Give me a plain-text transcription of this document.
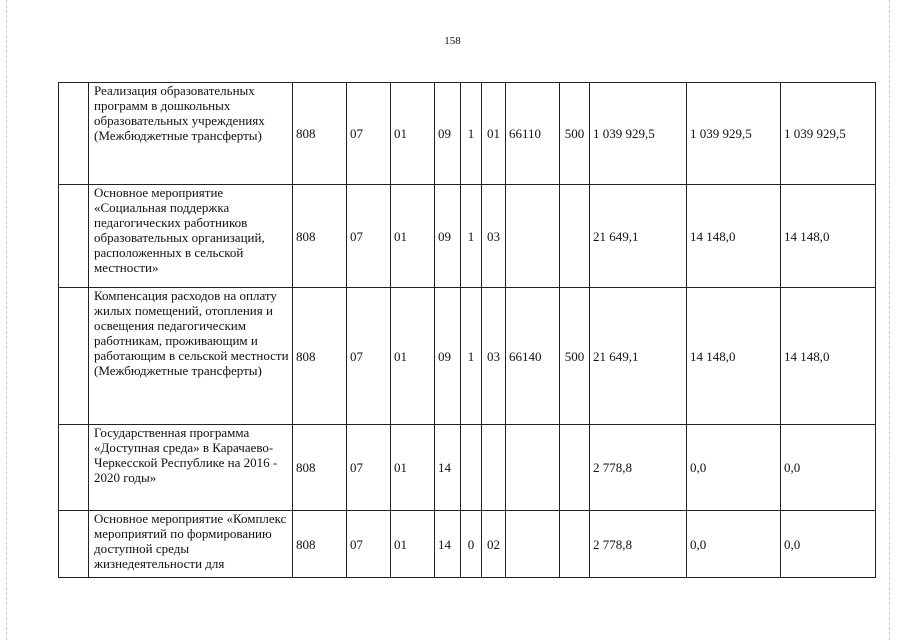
158
	Реализация образовательных программ в дошкольных образовательных учреждениях (Межбюджетные трансферты)	808	07	01	09	1	01	66110	500	1 039 929,5	1 039 929,5	1 039 929,5
	Основное мероприятие «Социальная поддержка педагогических работников образовательных организаций, расположенных в сельской местности»	808	07	01	09	1	03			21 649,1	14 148,0	14 148,0
	Компенсация расходов на оплату жилых помещений, отопления и освещения педагогическим работникам, проживающим и работающим в сельской местности (Межбюджетные трансферты)	808	07	01	09	1	03	66140	500	21 649,1	14 148,0	14 148,0
	Государственная программа «Доступная среда» в Карачаево-Черкесской Республике на 2016 - 2020 годы»	808	07	01	14					2 778,8	0,0	0,0
	Основное мероприятие «Комплекс мероприятий по формированию доступной среды жизнедеятельности для	808	07	01	14	0	02			2 778,8	0,0	0,0
